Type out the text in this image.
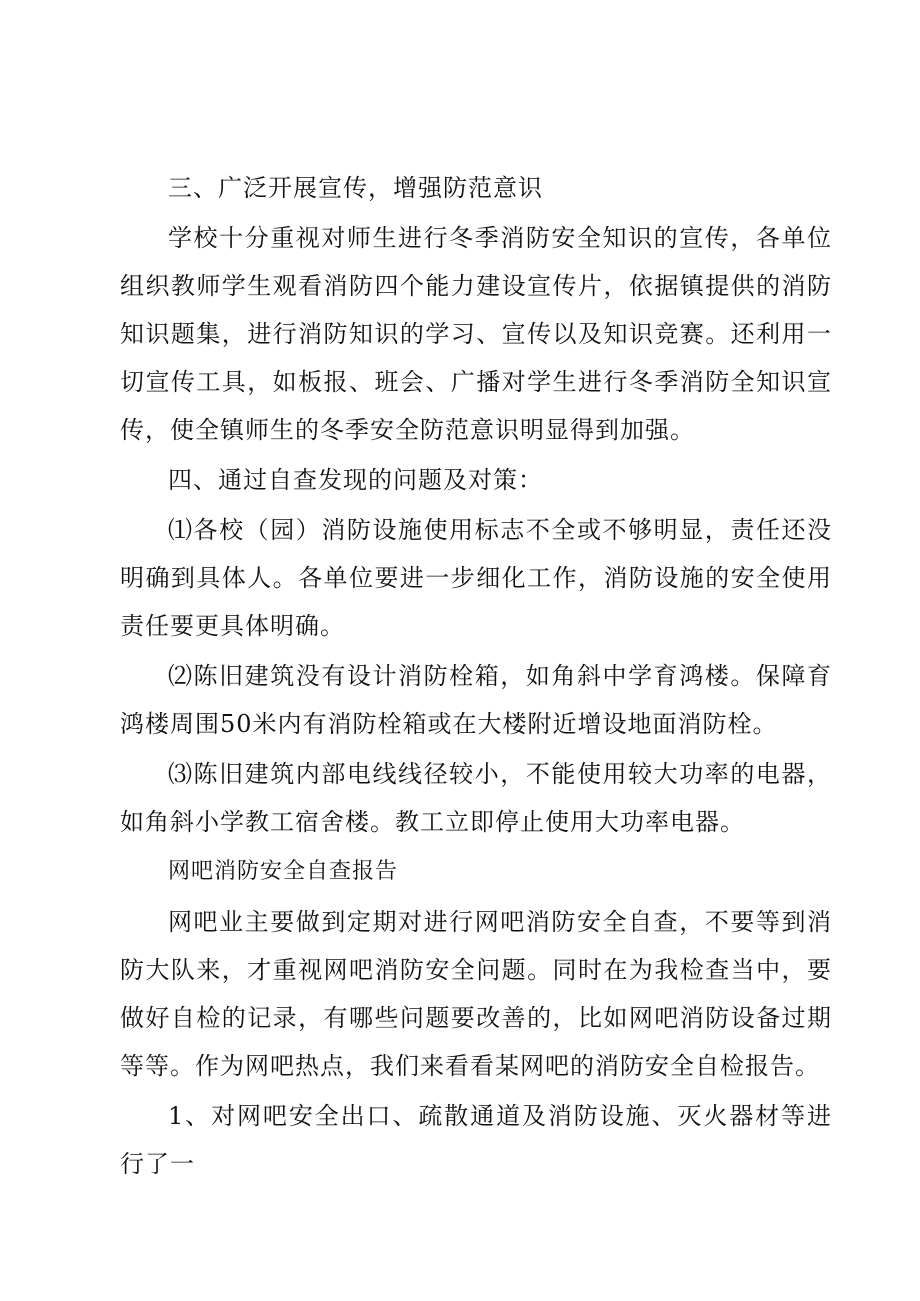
三、广泛开展宣传，增强防范意识

学校十分重视对师生进行冬季消防安全知识的宣传，各单位组织教师学生观看消防四个能力建设宣传片，依据镇提供的消防知识题集，进行消防知识的学习、宣传以及知识竞赛。还利用一切宣传工具，如板报、班会、广播对学生进行冬季消防全知识宣传，使全镇师生的冬季安全防范意识明显得到加强。

四、通过自查发现的问题及对策：

⑴各校（园）消防设施使用标志不全或不够明显，责任还没明确到具体人。各单位要进一步细化工作，消防设施的安全使用责任要更具体明确。

⑵陈旧建筑没有设计消防栓箱，如角斜中学育鸿楼。保障育鸿楼周围50米内有消防栓箱或在大楼附近增设地面消防栓。

⑶陈旧建筑内部电线线径较小，不能使用较大功率的电器，如角斜小学教工宿舍楼。教工立即停止使用大功率电器。

网吧消防安全自查报告

网吧业主要做到定期对进行网吧消防安全自查，不要等到消防大队来，才重视网吧消防安全问题。同时在为我检查当中，要做好自检的记录，有哪些问题要改善的，比如网吧消防设备过期等等。作为网吧热点，我们来看看某网吧的消防安全自检报告。

1、对网吧安全出口、疏散通道及消防设施、灭火器材等进行了一
